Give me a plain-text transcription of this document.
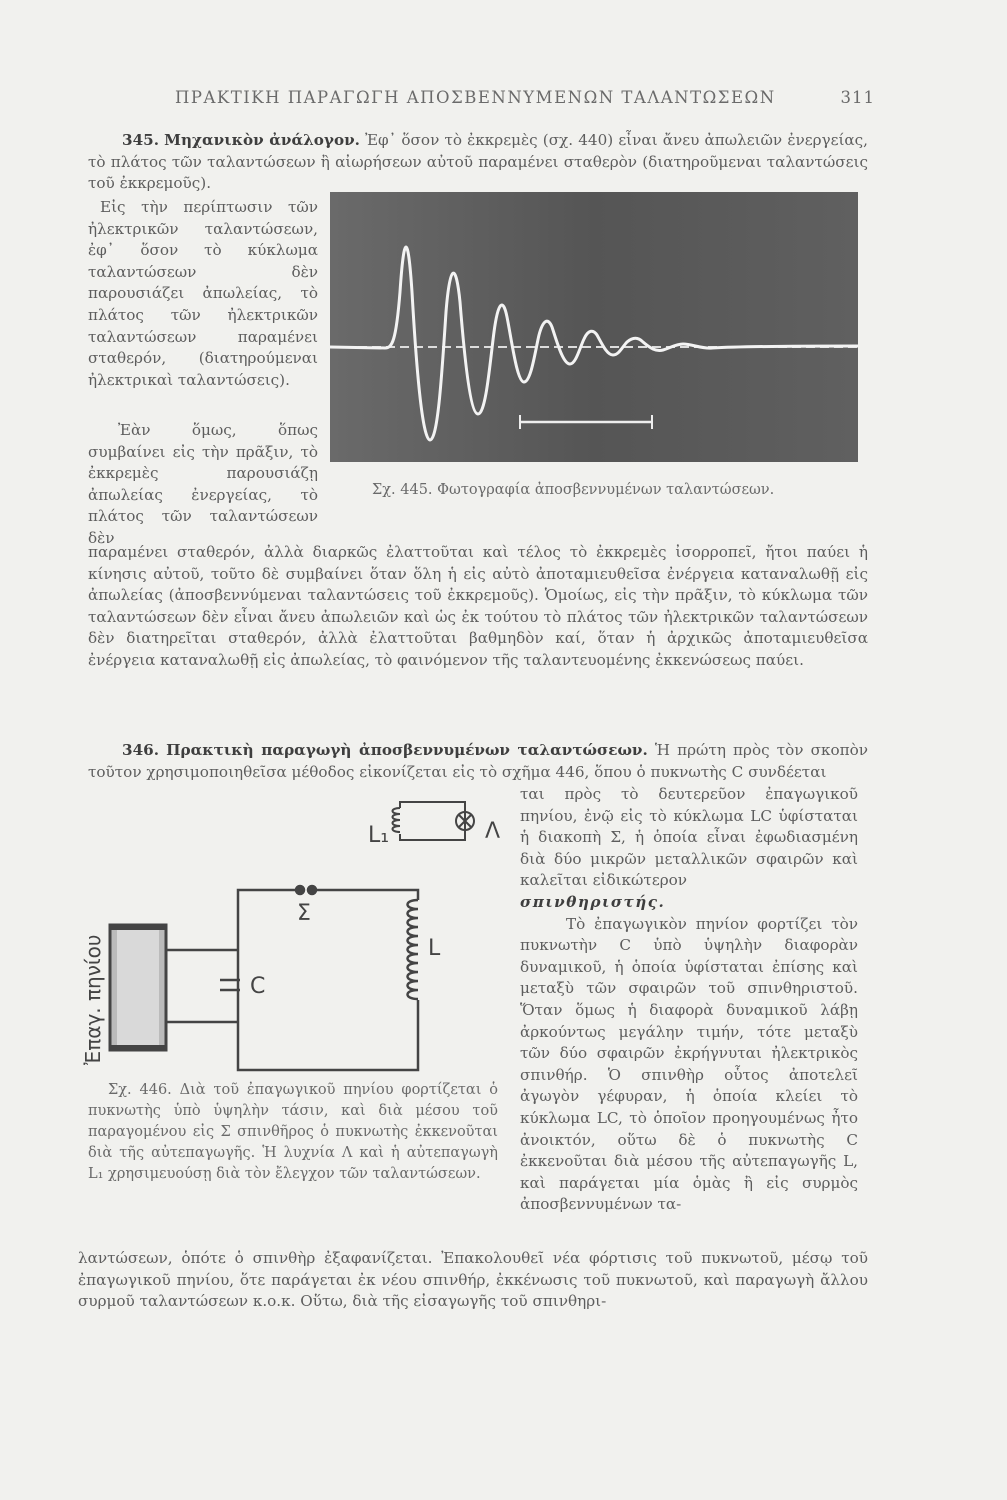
ΠΡΑΚΤΙΚΗ ΠΑΡΑΓΩΓΗ ΑΠΟΣΒΕΝΝΥΜΕΝΩΝ ΤΑΛΑΝΤΩΣΕΩΝ	311
345. Μηχανικὸν ἀνάλογον. Ἐφ᾿ ὅσον τὸ ἐκκρεμὲς (σχ. 440) εἶναι ἄνευ ἀπωλειῶν ἐνεργείας, τὸ πλάτος τῶν ταλαντώσεων ἢ αἰωρήσεων αὐτοῦ παραμένει σταθερὸν (διατηροῦμεναι ταλαντώσεις τοῦ ἐκκρεμοῦς).
Εἰς τὴν περίπτωσιν τῶν ἠλεκτρικῶν ταλαντώσεων, ἐφ᾿ ὅσον τὸ κύκλωμα ταλαντώσεων δὲν παρουσιάζει ἀπωλείας, τὸ πλάτος τῶν ἠλεκτρικῶν ταλαντώσεων παραμένει σταθερόν, (διατηρούμεναι ἠλεκτρικαὶ ταλαντώσεις).
Ἐὰν ὅμως, ὅπως συμβαίνει εἰς τὴν πρᾶξιν, τὸ ἐκκρεμὲς παρουσιάζῃ ἀπωλείας ἐνεργείας, τὸ πλάτος τῶν ταλαντώσεων δὲν
Σχ. 445. Φωτογραφία ἀποσβεννυμένων ταλαντώσεων.
παραμένει σταθερόν, ἀλλὰ διαρκῶς ἐλαττοῦται καὶ τέλος τὸ ἐκκρεμὲς ἰσορροπεῖ, ἤτοι παύει ἡ κίνησις αὐτοῦ, τοῦτο δὲ συμβαίνει ὅταν ὅλη ἡ εἰς αὐτὸ ἀποταμιευθεῖσα ἐνέργεια καταναλωθῇ εἰς ἀπωλείας (ἀποσβεννύμεναι ταλαντώσεις τοῦ ἐκκρεμοῦς). Ὁμοίως, εἰς τὴν πρᾶξιν, τὸ κύκλωμα τῶν ταλαντώσεων δὲν εἶναι ἄνευ ἀπωλειῶν καὶ ὡς ἐκ τούτου τὸ πλάτος τῶν ἠλεκτρικῶν ταλαντώσεων δὲν διατηρεῖται σταθερόν, ἀλλὰ ἐλαττοῦται βαθμηδὸν καί, ὅταν ἡ ἀρχικῶς ἀποταμιευθεῖσα ἐνέργεια καταναλωθῇ εἰς ἀπωλείας, τὸ φαινόμενον τῆς ταλαντευομένης ἐκκενώσεως παύει.
346. Πρακτικὴ παραγωγὴ ἀποσβεννυμένων ταλαντώσεων. Ἡ πρώτη πρὸς τὸν σκοπὸν τοῦτον χρησιμοποιηθεῖσα μέθοδος εἰκονίζεται εἰς τὸ σχῆμα 446, ὅπου ὁ πυκνωτὴς C συνδέεται
ται πρὸς τὸ δευτερεῦον ἐπαγωγικοῦ πηνίου, ἐνῷ εἰς τὸ κύκλωμα LC ὑφίσταται ἡ διακοπὴ Σ, ἡ ὁποία εἶναι ἐφωδιασμένη διὰ δύο μικρῶν μεταλλικῶν σφαιρῶν καὶ καλεῖται εἰδικώτερον
σπινθηριστής.
Τὸ ἐπαγωγικὸν πηνίον φορτίζει τὸν πυκνωτὴν C ὑπὸ ὑψηλὴν διαφορὰν δυναμικοῦ, ἡ ὁποία ὑφίσταται ἐπίσης καὶ μεταξὺ τῶν σφαιρῶν τοῦ σπινθηριστοῦ. Ὅταν ὅμως ἡ διαφορὰ δυναμικοῦ λάβῃ ἀρκούντως μεγάλην τιμήν, τότε μεταξὺ τῶν δύο σφαιρῶν ἐκρήγνυται ἠλεκτρικὸς σπινθήρ. Ὁ σπινθὴρ οὗτος ἀποτελεῖ ἀγωγὸν γέφυραν, ἡ ὁποία κλείει τὸ κύκλωμα LC, τὸ ὁποῖον προηγουμένως ἦτο ἀνοικτόν, οὕτω δὲ ὁ πυκνωτὴς C ἐκκενοῦται διὰ μέσου τῆς αὐτεπαγωγῆς L, καὶ παράγεται μία ὁμὰς ἢ εἰς συρμὸς ἀποσβεννυμένων τα-
L₁	Λ
Σ
L
C
Ἐπαγ. πηνίου
Σχ. 446. Διὰ τοῦ ἐπαγωγικοῦ πηνίου φορτίζεται ὁ πυκνωτὴς ὑπὸ ὑψηλὴν τάσιν, καὶ διὰ μέσου τοῦ παραγομένου εἰς Σ σπινθῆρος ὁ πυκνωτὴς ἐκκενοῦται διὰ τῆς αὐτεπαγωγῆς. Ἡ λυχνία Λ καὶ ἡ αὐτεπαγωγὴ L₁ χρησιμευούσῃ διὰ τὸν ἔλεγχον τῶν ταλαντώσεων.
λαντώσεων, ὁπότε ὁ σπινθὴρ ἐξαφανίζεται. Ἐπακολουθεῖ νέα φόρτισις τοῦ πυκνωτοῦ, μέσῳ τοῦ ἐπαγωγικοῦ πηνίου, ὅτε παράγεται ἐκ νέου σπινθήρ, ἐκκένωσις τοῦ πυκνωτοῦ, καὶ παραγωγὴ ἄλλου συρμοῦ ταλαντώσεων κ.ο.κ. Οὕτω, διὰ τῆς εἰσαγωγῆς τοῦ σπινθηρι-
